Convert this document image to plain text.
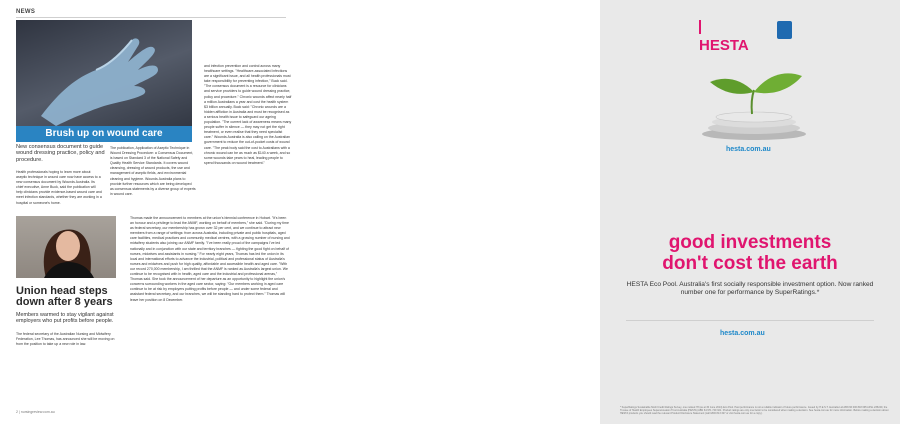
NEWS
Brush up on wound care
New consensus document to guide wound dressing practice, policy and procedure.
Health professionals hoping to learn more about aseptic technique in wound care now have access to a new consensus document by Wounds Australia. Its chief executive, Anne Buck, said the publication will help clinicians provide evidence-based wound care and meet infection standards, whether they are working in a hospital or someone's home.
The publication, Application of Aseptic Technique in Wound Dressing Procedure: a Consensus Document, is based on Standard 3 of the National Safety and Quality Health Service Standards. It covers wound cleansing, dressing of wound products, the use and management of aseptic fields, and environmental cleaning and hygiene. Wounds Australia plans to provide further resources which are being developed as consensus statements by a diverse group of experts in wound care.
and infection prevention and control across many healthcare settings. "Healthcare-associated infections are a significant issue, and all health professionals must take responsibility for preventing infection," Buck said. "The consensus document is a resource for clinicians and service providers to guide wound dressing practice, policy and procedure." Chronic wounds affect nearly half a million Australians a year and cost the health system $3 billion annually. Buck said: "Chronic wounds are a hidden affliction in Australia and must be recognised as a serious health issue to safeguard our ageing population. "The current lack of awareness means many people suffer in silence — they may not get the right treatment, or even realise that they need specialist care." Wounds Australia is also calling on the Australian government to reduce the out-of-pocket costs of wound care. "The peak body said the cost to Australians with a chronic wound can be as much as $140 a week, and so some wounds take years to heal, leading people to spend thousands on wound treatment."
Union head steps down after 8 years
Members warmed to stay vigilant against employers who put profits before people.
The federal secretary of the Australian Nursing and Midwifery Federation, Lee Thomas, has announced she will be moving on from the position to take up a new role in law.
Thomas made the announcement to members at the union's biennial conference in Hobart. "It's been an honour and a privilege to lead the ANMF, working on behalf of members," she said. "During my time as federal secretary, our membership has grown over 32 per cent, and we continue to attract new members from a range of settings: from across Australia, including private and public hospitals, aged care facilities, medical practices and community medical centres, with a growing number of nursing and midwifery students also joining our ANMF family. "I've been really proud of the campaigns I've led nationally and in conjunction with our state and territory branches — fighting the good fight on behalf of nurses, midwives and assistants in nursing." For nearly eight years, Thomas has led the union in its local and international efforts to advance the industrial, political and professional status of Australia's nurses and midwives and push for high quality, affordable and accessible health and aged care. "With our record 270,000 membership, I am thrilled that the ANMF is ranked as Australia's largest union. We continue to be recognised with in health, aged care and the industrial and professional arenas," Thomas said. She took the announcement of her departure as an opportunity to highlight the union's concerns surrounding workers in the aged care sector, saying: "Our members working in aged care continue to be at risk by employers putting profits before people — and under some federal and assistant federal secretary, and our branches, we will be standing hard to protect them." Thomas will leave her position on 8 December.
2 | nursingreview.com.au
HESTA
hesta.com.au
good investments
don't cost the earth
HESTA Eco Pool. Australia's first socially responsible investment option. Now ranked number one for performance by SuperRatings.*
hesta.com.au
* SuperRatings Sustainable Multi Credit Ratings Survey, one ranked 78 (as at 30 June 2014) Eco Pool. Past performance is not a reliable indicator of future performance. Issued by H.E.S.T. Australia Ltd ABN 66 006 818 695 AFSL 235249, the Trustee of Health Employees Superannuation Trust Australia (HESTA) ABN 64 971 749 321. Product ratings are only one factor to be considered when making a decision. See hesta.com.au for more information. Before making a decision about HESTA products you should read the relevant Product Disclosure Statement (call 1800 813 327 or visit hesta.com.au for a copy).
